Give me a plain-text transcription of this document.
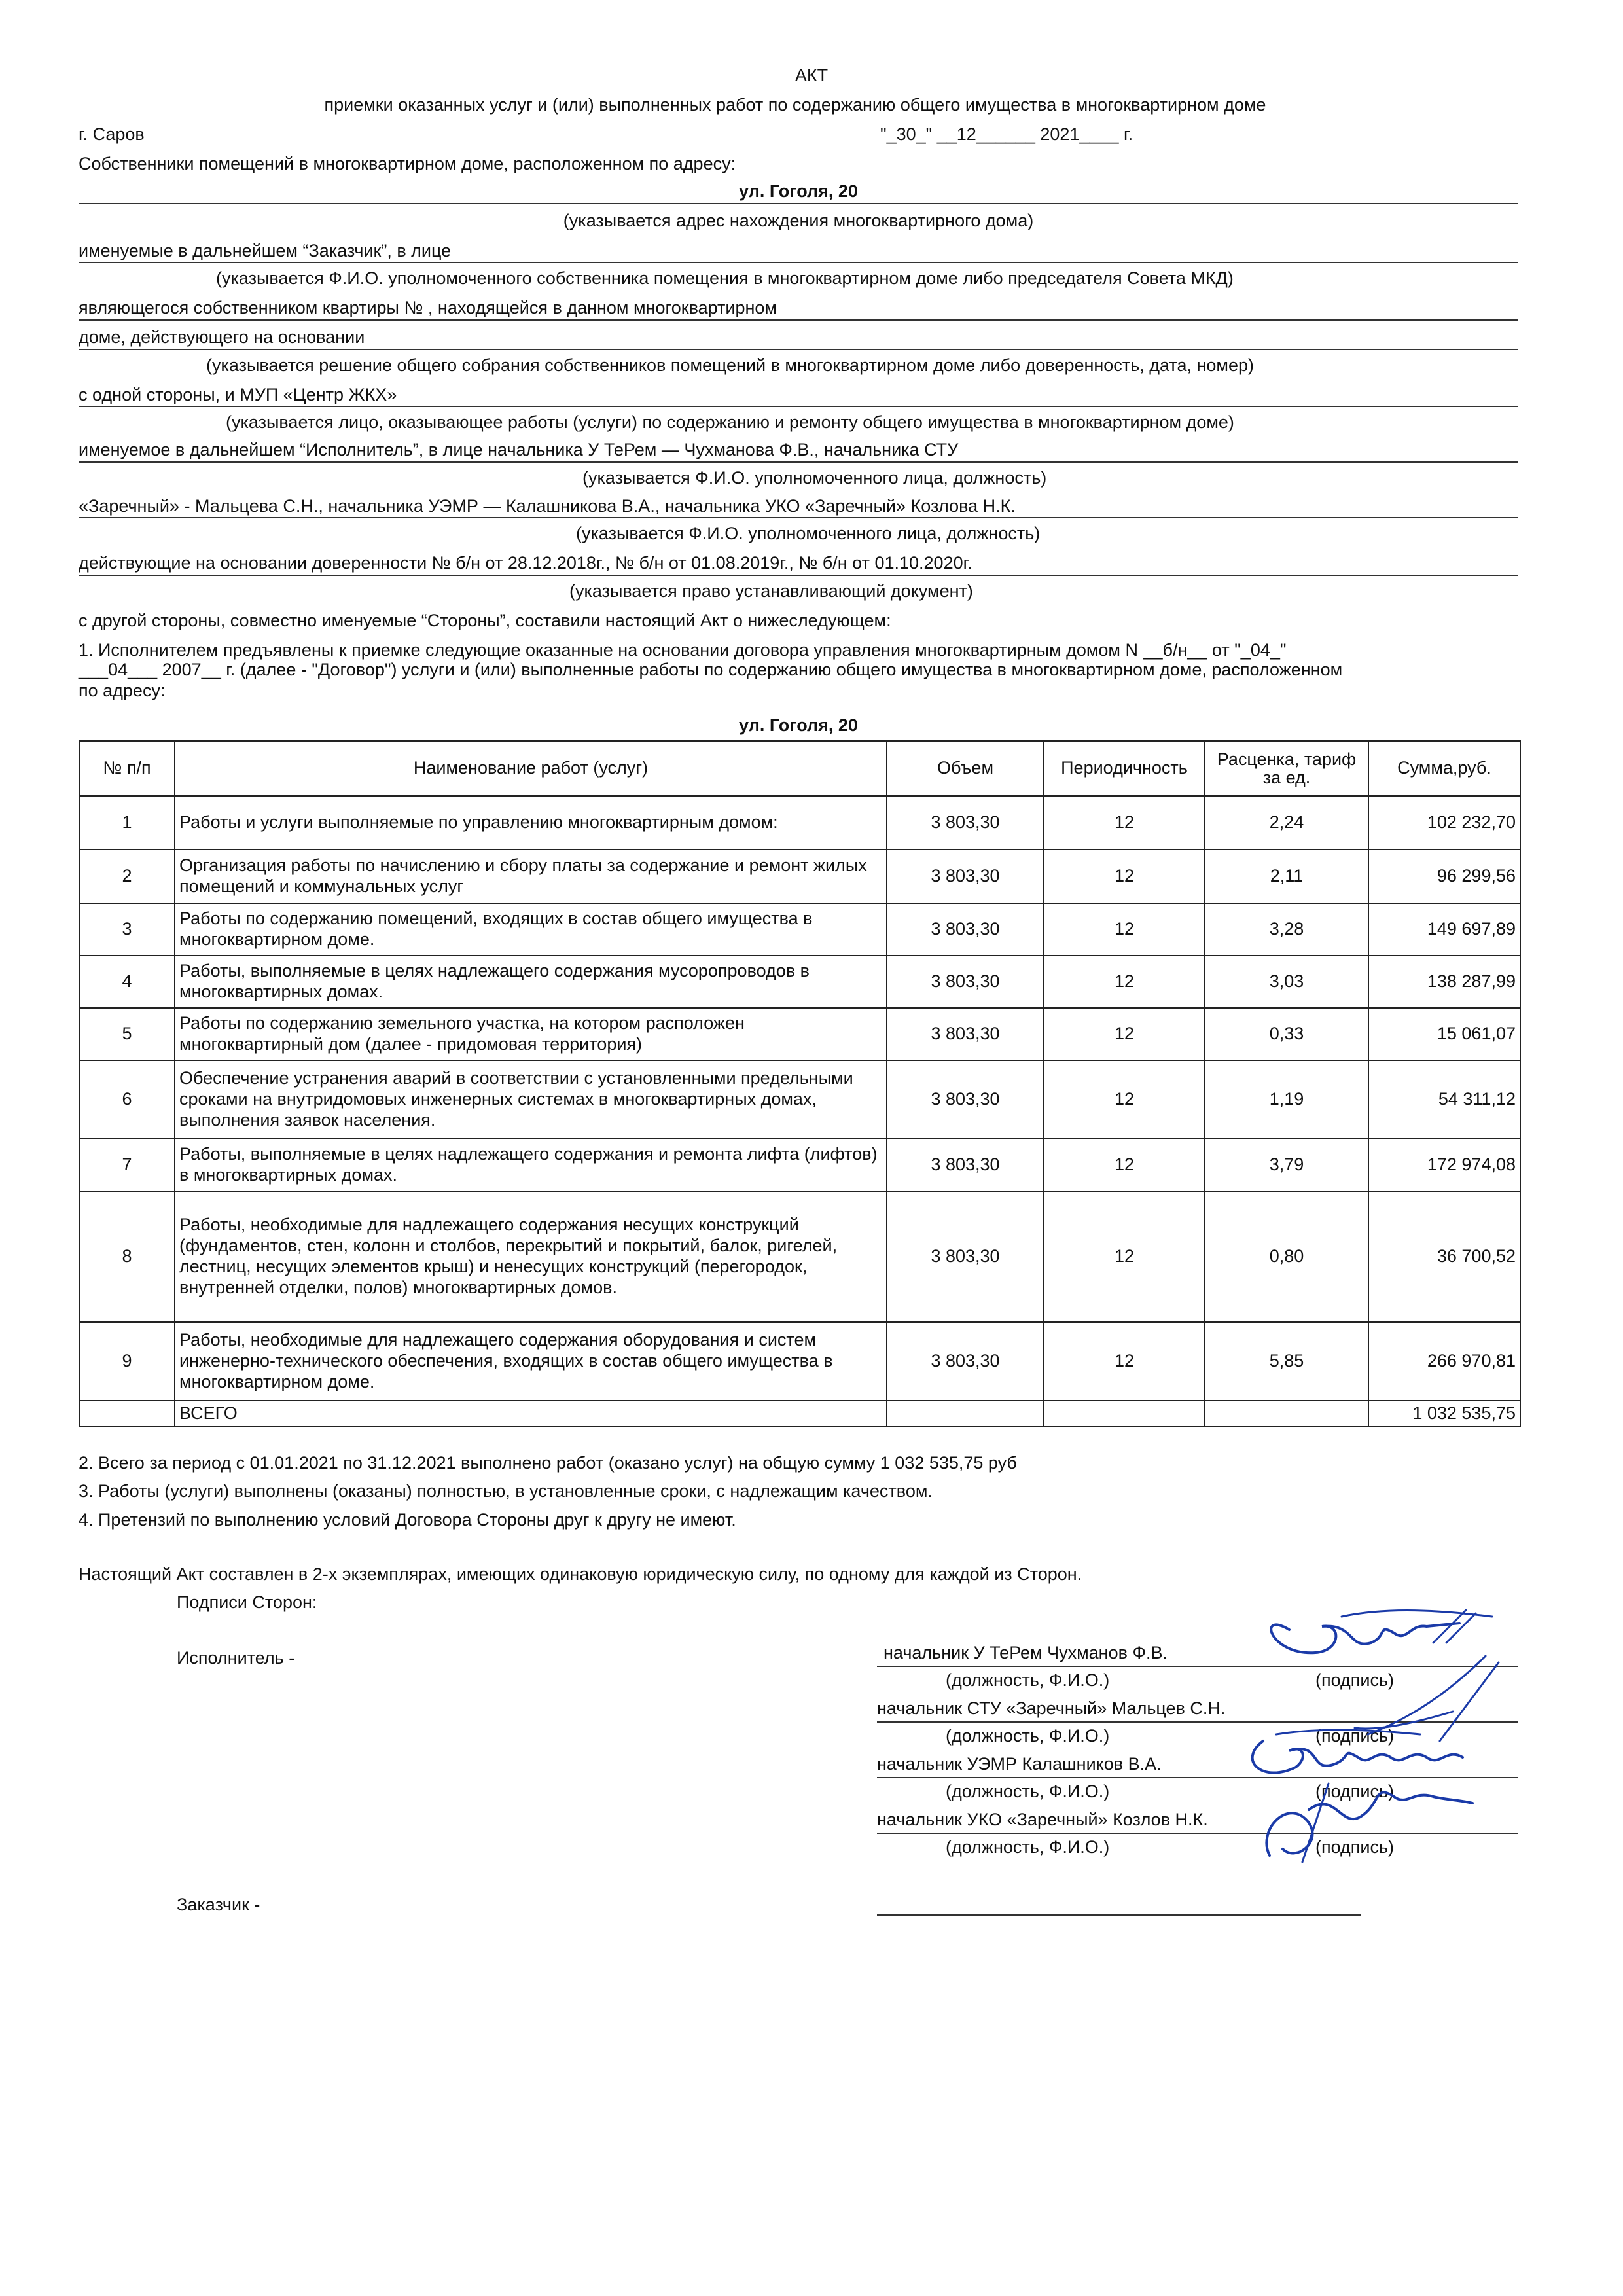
АКТ
приемки оказанных услуг и (или) выполненных работ по содержанию общего имущества в многоквартирном доме
г. Саров	"_30_" __12______ 2021____ г.
Собственники помещений в многоквартирном доме, расположенном по адресу:
ул. Гоголя, 20
(указывается адрес нахождения многоквартирного дома)
именуемые в дальнейшем “Заказчик”, в лице
(указывается Ф.И.О. уполномоченного собственника помещения в многоквартирном доме либо председателя Совета МКД)
являющегося собственником квартиры № , находящейся в данном многоквартирном
доме, действующего на основании
(указывается решение общего собрания собственников помещений в многоквартирном доме либо доверенность, дата, номер)
с одной стороны, и МУП «Центр ЖКХ»
(указывается лицо, оказывающее работы (услуги) по содержанию и ремонту общего имущества в многоквартирном доме)
именуемое в дальнейшем “Исполнитель”, в лице начальника У ТеРем — Чухманова Ф.В., начальника СТУ
(указывается Ф.И.О. уполномоченного лица, должность)
«Заречный» - Мальцева С.Н., начальника УЭМР — Калашникова В.А., начальника УКО «Заречный» Козлова Н.К.
(указывается Ф.И.О. уполномоченного лица, должность)
действующие на основании доверенности № б/н от 28.12.2018г., № б/н от 01.08.2019г., № б/н от 01.10.2020г.
(указывается право устанавливающий документ)
с другой стороны, совместно именуемые “Стороны”, составили настоящий Акт о нижеследующем:
1. Исполнителем предъявлены к приемке следующие оказанные на основании договора управления многоквартирным домом N __б/н__ от "_04_"
___04___ 2007__ г. (далее - "Договор") услуги и (или) выполненные работы по содержанию общего имущества в многоквартирном доме, расположенном
по адресу:
ул. Гоголя, 20
№ п/п	Наименование работ (услуг)	Объем	Периодичность	Расценка, тариф за ед.	Сумма,руб.
1	Работы и услуги выполняемые по управлению многоквартирным домом:	3 803,30	12	2,24	102 232,70
2	Организация работы по начислению и сбору платы за содержание и ремонт жилых помещений и коммунальных услуг	3 803,30	12	2,11	96 299,56
3	Работы по содержанию помещений, входящих в состав общего имущества в многоквартирном доме.	3 803,30	12	3,28	149 697,89
4	Работы, выполняемые в целях надлежащего содержания мусоропроводов в многоквартирных домах.	3 803,30	12	3,03	138 287,99
5	Работы по содержанию земельного участка, на котором расположен многоквартирный дом (далее - придомовая территория)	3 803,30	12	0,33	15 061,07
6	Обеспечение устранения аварий в соответствии с установленными предельными сроками на внутридомовых инженерных системах в многоквартирных домах, выполнения заявок населения.	3 803,30	12	1,19	54 311,12
7	Работы, выполняемые в целях надлежащего содержания и ремонта лифта (лифтов) в многоквартирных домах.	3 803,30	12	3,79	172 974,08
8	Работы, необходимые для надлежащего содержания несущих конструкций (фундаментов, стен, колонн и столбов, перекрытий и покрытий, балок, ригелей, лестниц, несущих элементов крыш) и ненесущих конструкций (перегородок, внутренней отделки, полов) многоквартирных домов.	3 803,30	12	0,80	36 700,52
9	Работы, необходимые для надлежащего содержания оборудования и систем инженерно-технического обеспечения, входящих в состав общего имущества в многоквартирном доме.	3 803,30	12	5,85	266 970,81
	ВСЕГО				1 032 535,75
2. Всего за период с 01.01.2021 по 31.12.2021 выполнено работ (оказано услуг) на общую сумму 1 032 535,75 руб
3. Работы (услуги) выполнены (оказаны) полностью, в установленные сроки, с надлежащим качеством.
4. Претензий по выполнению условий Договора Стороны друг к другу не имеют.
Настоящий Акт составлен в 2-х экземплярах, имеющих одинаковую юридическую силу, по одному для каждой из Сторон.
Подписи Сторон:
Исполнитель -	начальник У ТеРем Чухманов Ф.В.
(должность, Ф.И.О.)	(подпись)
начальник СТУ «Заречный» Мальцев С.Н.
(должность, Ф.И.О.)	(подпись)
начальник УЭМР Калашников В.А.
(должность, Ф.И.О.)	(подпись)
начальник УКО «Заречный» Козлов Н.К.
(должность, Ф.И.О.)	(подпись)
Заказчик -
